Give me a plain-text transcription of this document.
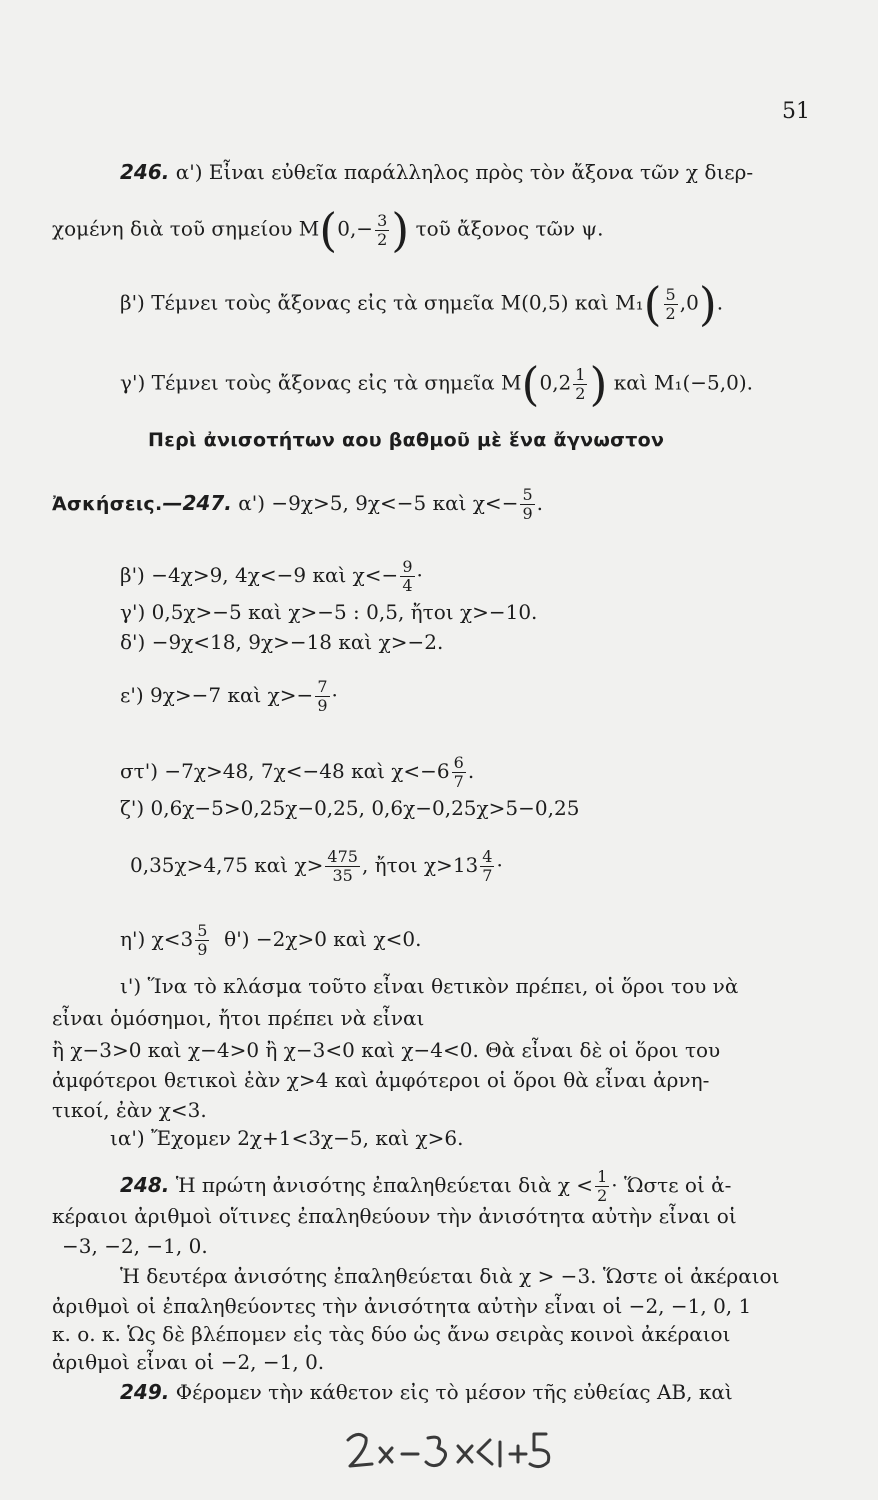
51
246. α') Εἶναι εὐθεῖα παράλληλος πρὸς τὸν ἄξονα τῶν χ διερ-
χομένη διὰ τοῦ σημείου $M(0,- \frac{3}{2}$ ) τοῦ ἄξονος τῶν ψ.
β') Τέμνει τοὺς ἄξονας εἰς τὰ σημεῖα Μ(0,5) καὶ $M_1( \frac{5}{2} ,0)$.
γ') Τέμνει τοὺς ἄξονας εἰς τὰ σημεῖα $M(0,2 \frac{1}{2}$ ) καὶ Μ₁(−5,0).
Περὶ ἀνισοτήτων αου βαθμοῦ μὲ ἕνα ἄγνωστον
Ἀσκήσεις.—247. α') −9χ>5, 9χ<−5 καὶ $\chi<- \frac{5}{9}$ .
β') −4χ>9, 4χ<−9 καὶ $\chi<- \frac{9}{4}$ ·
γ') 0,5χ>−5 καὶ χ>−5 : 0,5, ἤτοι χ>−10.
δ') −9χ<18, 9χ>−18 καὶ χ>−2.
ε') 9χ>−7 καὶ $\chi>- \frac{7}{9}$ ·
στ') −7χ>48, 7χ<−48 καὶ $\chi<-6 \frac{6}{7}$ .
ζ') 0,6χ−5>0,25χ−0,25, 0,6χ−0,25χ>5−0,25
0,35χ>4,75 καὶ $\chi> \frac{475}{35}$ , ἤτοι $\chi>13 \frac{4}{7}$ ·
η') $\chi<3 \frac{5}{9} \theta') -2\chi>0$ καὶ χ<0.
ι') Ἵνα τὸ κλάσμα τοῦτο εἶναι θετικὸν πρέπει, οἱ ὅροι του νὰ
εἶναι ὁμόσημοι, ἤτοι πρέπει νὰ εἶναι
ἢ χ−3>0 καὶ χ−4>0 ἢ χ−3<0 καὶ χ−4<0. Θὰ εἶναι δὲ οἱ ὅροι του
ἀμφότεροι θετικοὶ ἐὰν χ>4 καὶ ἀμφότεροι οἱ ὅροι θὰ εἶναι ἀρνη-
τικοί, ἐὰν χ<3.
ια') Ἔχομεν 2χ+1<3χ−5, καὶ χ>6.
248. Ἡ πρώτη ἀνισότης ἐπαληθεύεται διὰ $\chi < \frac{1}{2}$ · Ὥστε οἱ ἀ-
κέραιοι ἀριθμοὶ οἵτινες ἐπαληθεύουν τὴν ἀνισότητα αὐτὴν εἶναι οἱ
−3, −2, −1, 0.
Ἡ δευτέρα ἀνισότης ἐπαληθεύεται διὰ χ > −3. Ὥστε οἱ ἀκέραιοι
ἀριθμοὶ οἱ ἐπαληθεύοντες τὴν ἀνισότητα αὐτὴν εἶναι οἱ −2, −1, 0, 1
κ. ο. κ. Ὡς δὲ βλέπομεν εἰς τὰς δύο ὡς ἄνω σειρὰς κοινοὶ ἀκέραιοι
ἀριθμοὶ εἶναι οἱ −2, −1, 0.
249. Φέρομεν τὴν κάθετον εἰς τὸ μέσον τῆς εὐθείας ΑΒ, καὶ
